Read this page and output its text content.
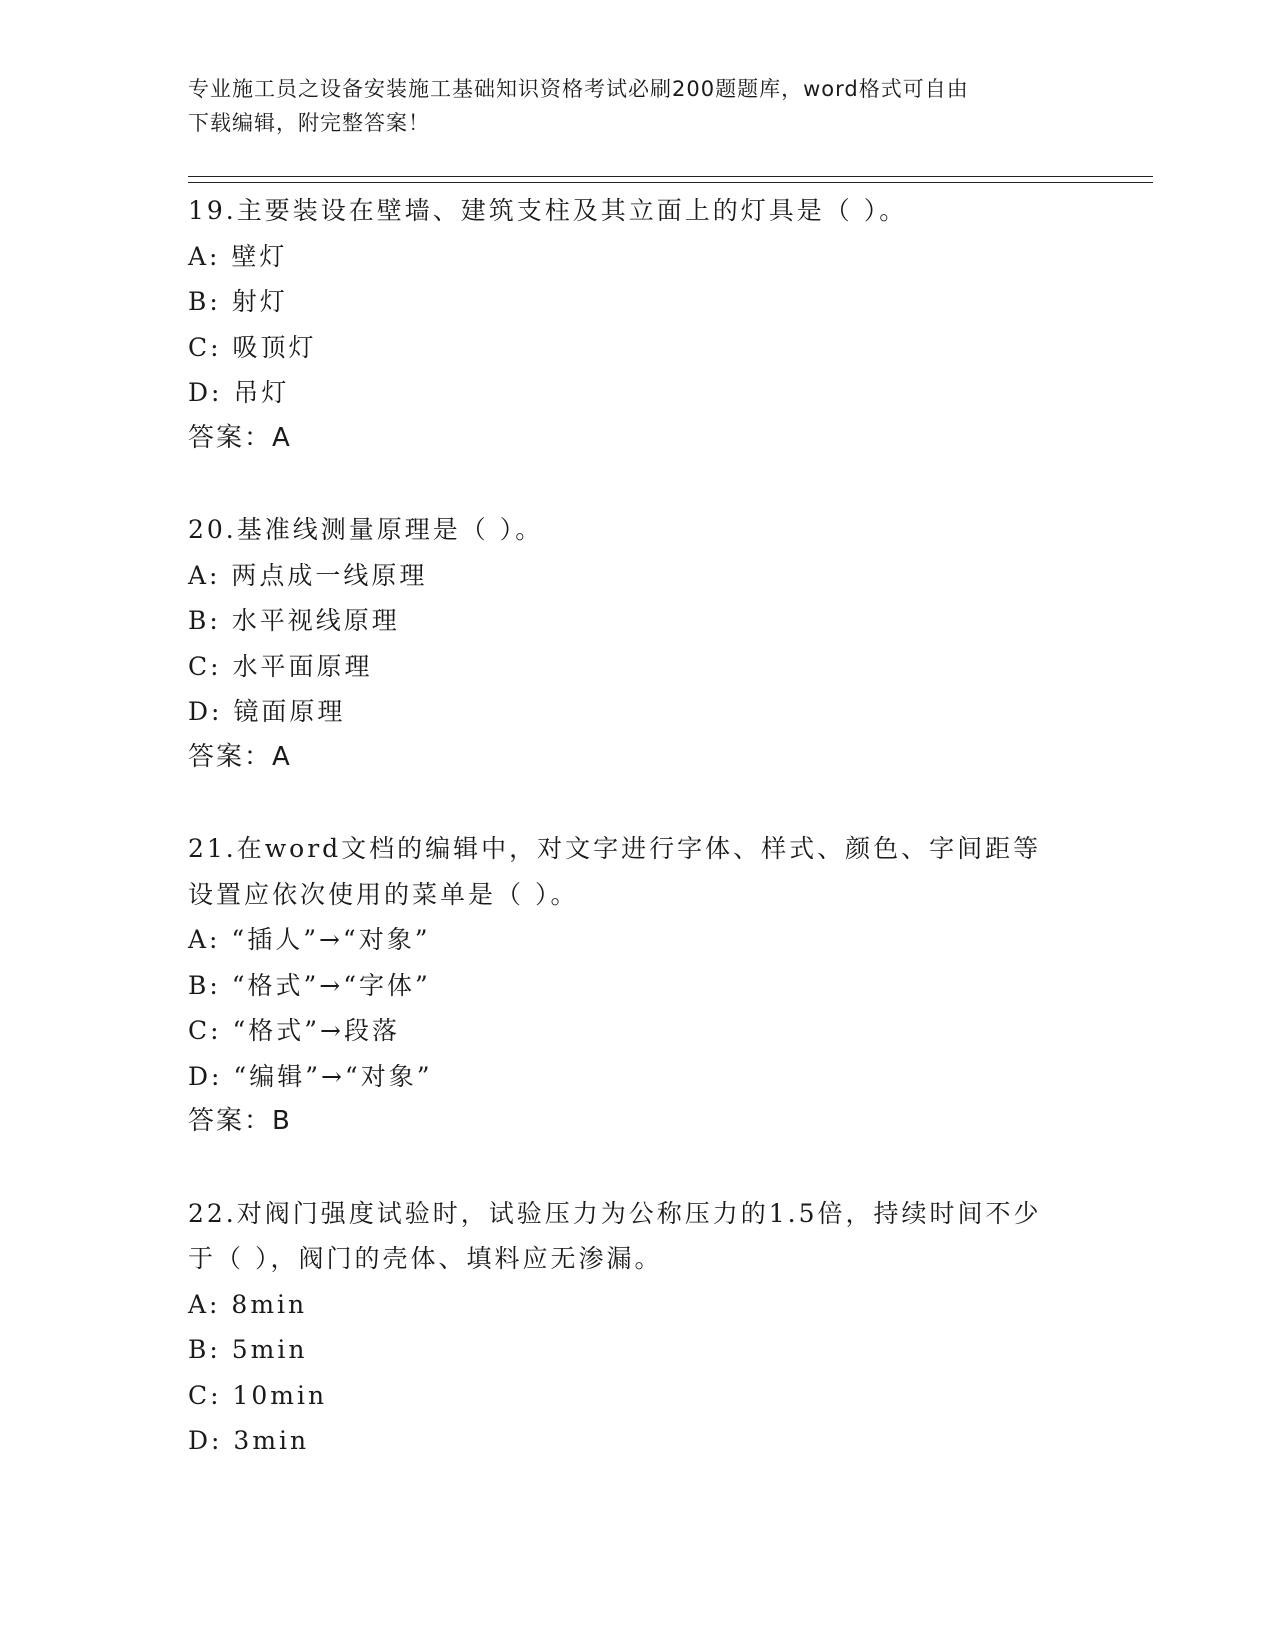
专业施工员之设备安装施工基础知识资格考试必刷200题题库，word格式可自由
下载编辑，附完整答案！
19.主要装设在壁墙、建筑支柱及其立面上的灯具是（ ）。
A: 壁灯
B: 射灯
C: 吸顶灯
D: 吊灯
答案：A
20.基准线测量原理是（ ）。
A: 两点成一线原理
B: 水平视线原理
C: 水平面原理
D: 镜面原理
答案：A
21.在word文档的编辑中，对文字进行字体、样式、颜色、字间距等
设置应依次使用的菜单是（ ）。
A: “插人”→“对象”
B: “格式”→“字体”
C: “格式”→段落
D: “编辑”→“对象”
答案：B
22.对阀门强度试验时，试验压力为公称压力的1.5倍，持续时间不少
于（ ），阀门的壳体、填料应无渗漏。
A: 8min
B: 5min
C: 10min
D: 3min
